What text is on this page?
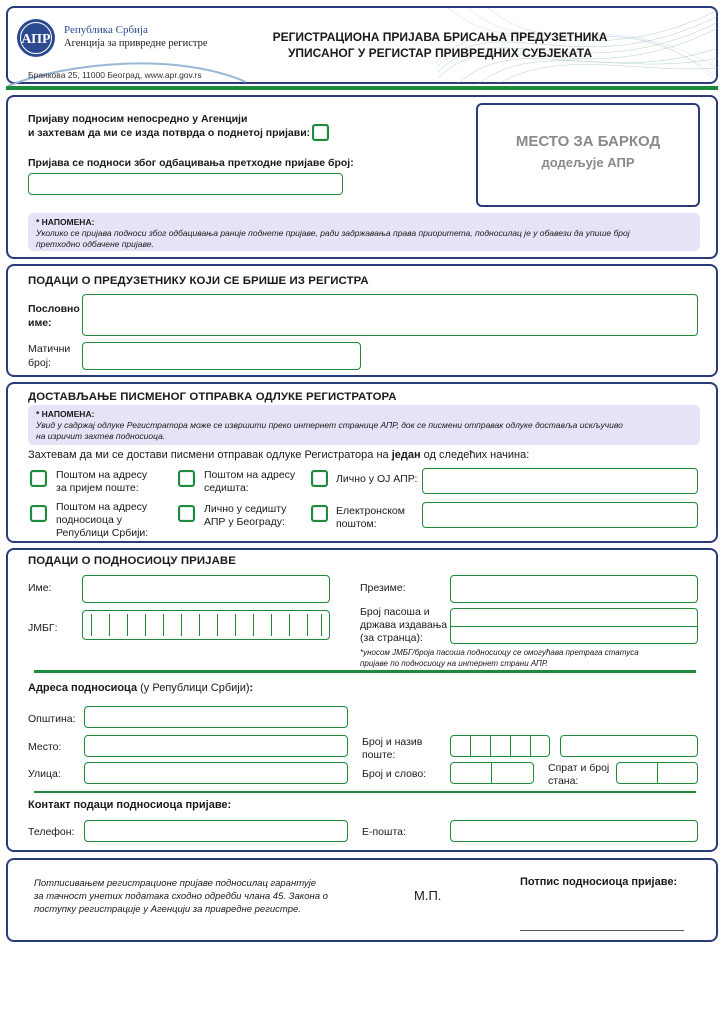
АПР
Република Србија
Агенција за привредне регистре
Бранкова 25, 11000 Београд, www.apr.gov.rs
РЕГИСТРАЦИОНА ПРИЈАВА БРИСАЊА ПРЕДУЗЕТНИКА
УПИСАНОГ У РЕГИСТАР ПРИВРЕДНИХ СУБЈЕКАТА
Пријаву подносим непосредно у Агенцији
и захтевам да ми се изда потврда о поднетој пријави:
Пријава се подноси због одбацивања претходне пријаве број:
МЕСТО ЗА БАРКОД
додељује АПР
* НАПОМЕНА:
Уколико се пријава подноси због одбацивања раније поднете пријаве, ради задржавања права приоритета, подносилац је у обавези да упише број
претходно одбачене пријаве.
ПОДАЦИ О ПРЕДУЗЕТНИКУ КОЈИ СЕ БРИШЕ ИЗ РЕГИСТРА
Пословно
име:
Матични
број:
ДОСТАВЉАЊЕ ПИСМЕНОГ ОТПРАВКА ОДЛУКЕ РЕГИСТРАТОРА
* НАПОМЕНА:
Увид у садржај одлуке Регистратора може се извршити преко интернет странице АПР, док се писмени отправак одлуке доставља искључиво
на изричит захтев подносиоца.
Захтевам да ми се достави писмени отправак одлуке Регистратора на један од следећих начина:
Поштом на адресу
за пријем поште:
Поштом на адресу
седишта:
Лично у ОЈ АПР:
Поштом на адресу
подносиоца у
Републици Србији:
Лично у седишту
АПР у Београду:
Електронском
поштом:
ПОДАЦИ О ПОДНОСИОЦУ ПРИЈАВЕ
Име:	Презиме:
ЈМБГ:
Број пасоша и
држава издавања
(за странца):
*уносом ЈМБГ/броја пасоша подносиоцу се омогућава претрага статуса
пријаве по подносиоцу на интернет страни АПР.
Адреса подносиоца (у Републици Србији):
Општина:
Место:
Улица:
Број и назив
поште:
Број и слово:	Спрат и број
стана:
Контакт подаци подносиоца пријаве:
Телефон:	Е-пошта:
Потписивањем регистрационе пријаве подносилац гарантује
за тачност унетих података сходно одредби члана 45. Закона о
поступку регистрације у Агенцији за привредне регистре.
М.П.
Потпис подносиоца пријаве:
